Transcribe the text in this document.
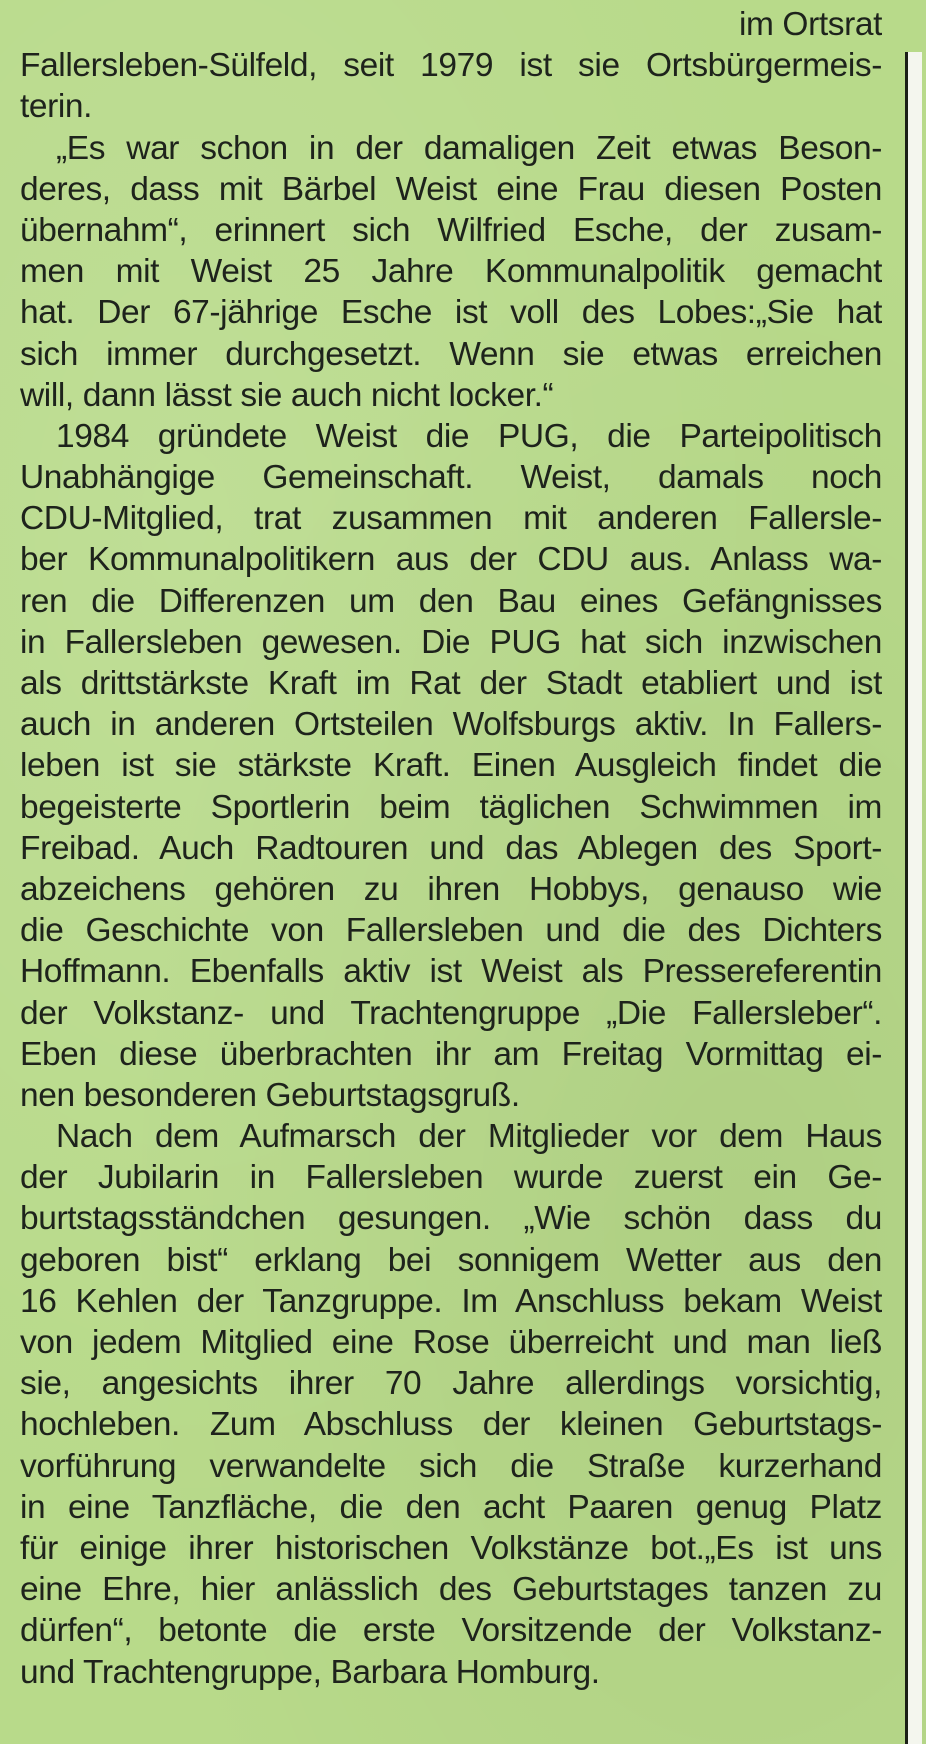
im Ortsrat
Fallersleben-Sülfeld, seit 1979 ist sie Ortsbürgermeis-
terin.
„Es war schon in der damaligen Zeit etwas Beson-
deres, dass mit Bärbel Weist eine Frau diesen Posten
übernahm“, erinnert sich Wilfried Esche, der zusam-
men mit Weist 25 Jahre Kommunalpolitik gemacht
hat. Der 67-jährige Esche ist voll des Lobes:„Sie hat
sich immer durchgesetzt. Wenn sie etwas erreichen
will, dann lässt sie auch nicht locker.“
1984 gründete Weist die PUG, die Parteipolitisch
Unabhängige Gemeinschaft. Weist, damals noch
CDU-Mitglied, trat zusammen mit anderen Fallersle-
ber Kommunalpolitikern aus der CDU aus. Anlass wa-
ren die Differenzen um den Bau eines Gefängnisses
in Fallersleben gewesen. Die PUG hat sich inzwischen
als drittstärkste Kraft im Rat der Stadt etabliert und ist
auch in anderen Ortsteilen Wolfsburgs aktiv. In Fallers-
leben ist sie stärkste Kraft. Einen Ausgleich findet die
begeisterte Sportlerin beim täglichen Schwimmen im
Freibad. Auch Radtouren und das Ablegen des Sport-
abzeichens gehören zu ihren Hobbys, genauso wie
die Geschichte von Fallersleben und die des Dichters
Hoffmann. Ebenfalls aktiv ist Weist als Pressereferentin
der Volkstanz- und Trachtengruppe „Die Fallersleber“.
Eben diese überbrachten ihr am Freitag Vormittag ei-
nen besonderen Geburtstagsgruß.
Nach dem Aufmarsch der Mitglieder vor dem Haus
der Jubilarin in Fallersleben wurde zuerst ein Ge-
burtstagsständchen gesungen. „Wie schön dass du
geboren bist“ erklang bei sonnigem Wetter aus den
16 Kehlen der Tanzgruppe. Im Anschluss bekam Weist
von jedem Mitglied eine Rose überreicht und man ließ
sie, angesichts ihrer 70 Jahre allerdings vorsichtig,
hochleben. Zum Abschluss der kleinen Geburtstags-
vorführung verwandelte sich die Straße kurzerhand
in eine Tanzfläche, die den acht Paaren genug Platz
für einige ihrer historischen Volkstänze bot.„Es ist uns
eine Ehre, hier anlässlich des Geburtstages tanzen zu
dürfen“, betonte die erste Vorsitzende der Volkstanz-
und Trachtengruppe, Barbara Homburg.
